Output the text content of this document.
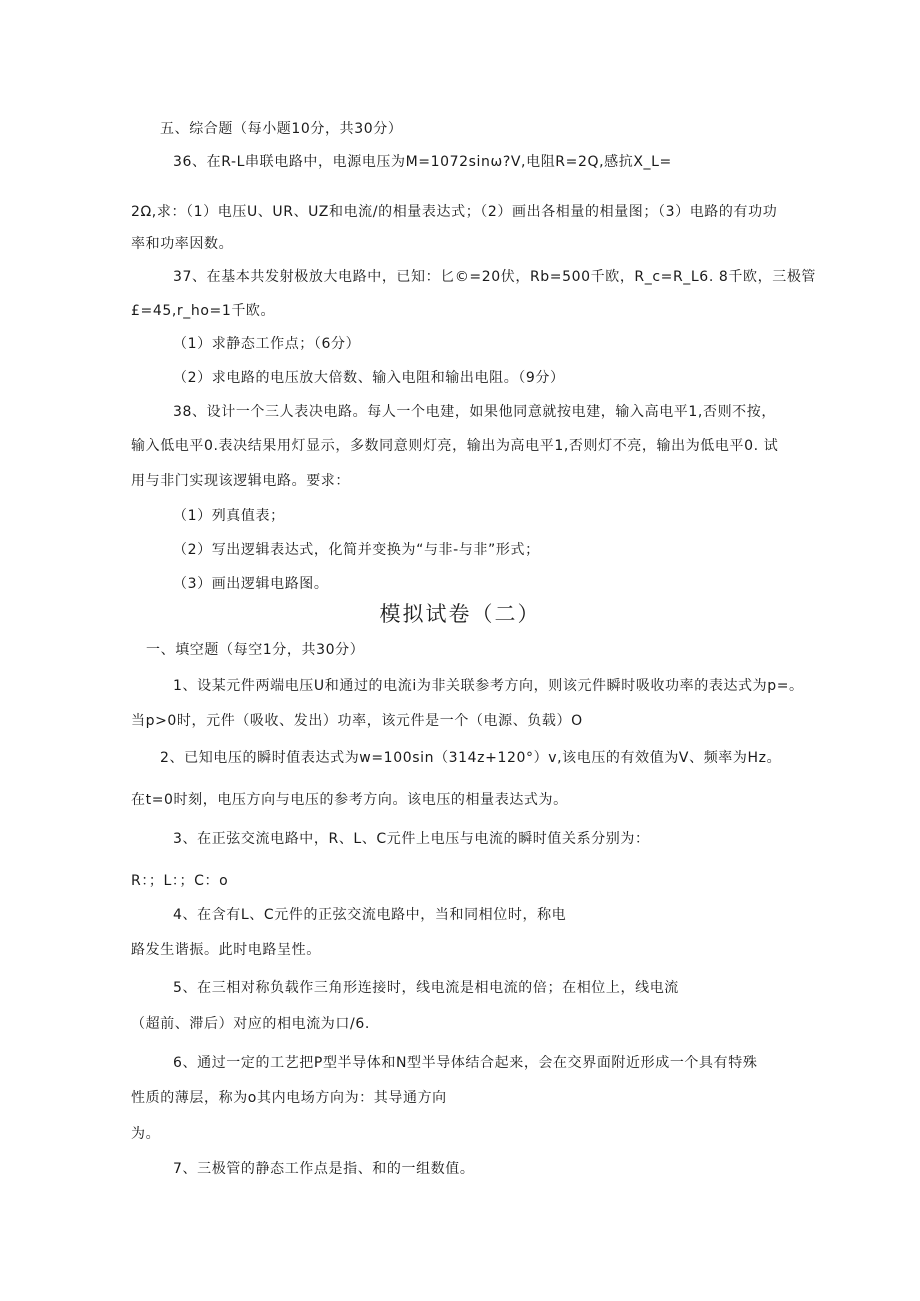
五、综合题（每小题10分，共30分）
36、在R-L串联电路中，电源电压为M=1072sinω?V,电阻R=2Q,感抗X_L=
2Ω,求：（1）电压U、UR、UZ和电流/的相量表达式；（2）画出各相量的相量图；（3）电路的有功功
率和功率因数。
37、在基本共发射极放大电路中，已知：匕©=20伏，Rb=500千欧，R_c=R_L6. 8千欧，三极管
£=45,r_ho=1千欧。
（1）求静态工作点；（6分）
（2）求电路的电压放大倍数、输入电阻和输出电阻。（9分）
38、设计一个三人表决电路。每人一个电建，如果他同意就按电建，输入高电平1,否则不按，
输入低电平0.表决结果用灯显示，多数同意则灯亮，输出为高电平1,否则灯不亮，输出为低电平0. 试
用与非门实现该逻辑电路。要求：
（1）列真值表；
（2）写出逻辑表达式，化简并变换为“与非-与非”形式；
（3）画出逻辑电路图。
模拟试卷（二）
一、填空题（每空1分，共30分）
1、设某元件两端电压U和通过的电流i为非关联参考方向，则该元件瞬时吸收功率的表达式为p=。
当p>0时，元件（吸收、发出）功率，该元件是一个（电源、负载）O
2、已知电压的瞬时值表达式为w=100sin（314z+120°）v,该电压的有效值为V、频率为Hz。
在t=0时刻，电压方向与电压的参考方向。该电压的相量表达式为。
3、在正弦交流电路中，R、L、C元件上电压与电流的瞬时值关系分别为：
R：；L：；C：o
4、在含有L、C元件的正弦交流电路中，当和同相位时，称电
路发生谐振。此时电路呈性。
5、在三相对称负载作三角形连接时，线电流是相电流的倍；在相位上，线电流
（超前、滞后）对应的相电流为口/6.
6、通过一定的工艺把P型半导体和N型半导体结合起来，会在交界面附近形成一个具有特殊
性质的薄层，称为o其内电场方向为：其导通方向
为。
7、三极管的静态工作点是指、和的一组数值。
